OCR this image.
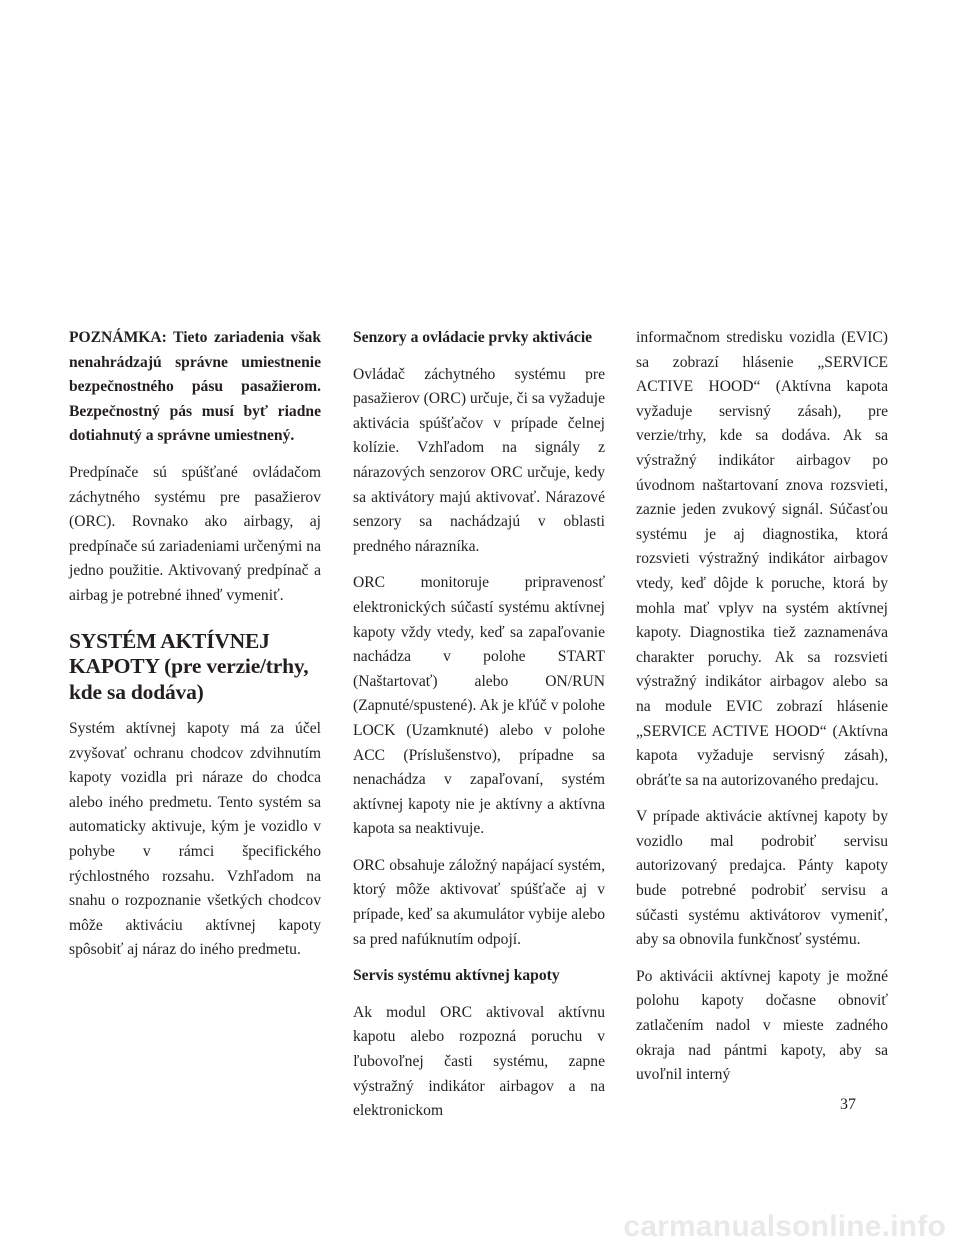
POZNÁMKA: Tieto zariadenia však nenahrádzajú správne umiestnenie bezpečnostného pásu pasažierom. Bezpečnostný pás musí byť riadne dotiahnutý a správne umiestnený.

Predpínače sú spúšťané ovládačom záchytného systému pre pasažierov (ORC). Rovnako ako airbagy, aj predpínače sú zariadeniami určenými na jedno použitie. Aktivovaný predpínač a airbag je potrebné ihneď vymeniť.

SYSTÉM AKTÍVNEJ KAPOTY (pre verzie/trhy, kde sa dodáva)

Systém aktívnej kapoty má za účel zvyšovať ochranu chodcov zdvihnutím kapoty vozidla pri náraze do chodca alebo iného predmetu. Tento systém sa automaticky aktivuje, kým je vozidlo v pohybe v rámci špecifického rýchlostného rozsahu. Vzhľadom na snahu o rozpoznanie všetkých chodcov môže aktiváciu aktívnej kapoty spôsobiť aj náraz do iného predmetu.

Senzory a ovládacie prvky aktivácie

Ovládač záchytného systému pre pasažierov (ORC) určuje, či sa vyžaduje aktivácia spúšťačov v prípade čelnej kolízie. Vzhľadom na signály z nárazových senzorov ORC určuje, kedy sa aktivátory majú aktivovať. Nárazové senzory sa nachádzajú v oblasti predného nárazníka.

ORC monitoruje pripravenosť elektronických súčastí systému aktívnej kapoty vždy vtedy, keď sa zapaľovanie nachádza v polohe START (Naštartovať) alebo ON/RUN (Zapnuté/spustené). Ak je kľúč v polohe LOCK (Uzamknuté) alebo v polohe ACC (Príslušenstvo), prípadne sa nenachádza v zapaľovaní, systém aktívnej kapoty nie je aktívny a aktívna kapota sa neaktivuje.

ORC obsahuje záložný napájací systém, ktorý môže aktivovať spúšťače aj v prípade, keď sa akumulátor vybije alebo sa pred nafúknutím odpojí.

Servis systému aktívnej kapoty

Ak modul ORC aktivoval aktívnu kapotu alebo rozpozná poruchu v ľubovoľnej časti systému, zapne výstražný indikátor airbagov a na elektronickom

informačnom stredisku vozidla (EVIC) sa zobrazí hlásenie „SERVICE ACTIVE HOOD“ (Aktívna kapota vyžaduje servisný zásah), pre verzie/trhy, kde sa dodáva. Ak sa výstražný indikátor airbagov po úvodnom naštartovaní znova rozsvieti, zaznie jeden zvukový signál. Súčasťou systému je aj diagnostika, ktorá rozsvieti výstražný indikátor airbagov vtedy, keď dôjde k poruche, ktorá by mohla mať vplyv na systém aktívnej kapoty. Diagnostika tiež zaznamenáva charakter poruchy. Ak sa rozsvieti výstražný indikátor airbagov alebo sa na module EVIC zobrazí hlásenie „SERVICE ACTIVE HOOD“ (Aktívna kapota vyžaduje servisný zásah), obráťte sa na autorizovaného predajcu.

V prípade aktivácie aktívnej kapoty by vozidlo mal podrobiť servisu autorizovaný predajca. Pánty kapoty bude potrebné podrobiť servisu a súčasti systému aktivátorov vymeniť, aby sa obnovila funkčnosť systému.

Po aktivácii aktívnej kapoty je možné polohu kapoty dočasne obnoviť zatlačením nadol v mieste zadného okraja nad pántmi kapoty, aby sa uvoľnil interný

37
carmanualsonline.info
